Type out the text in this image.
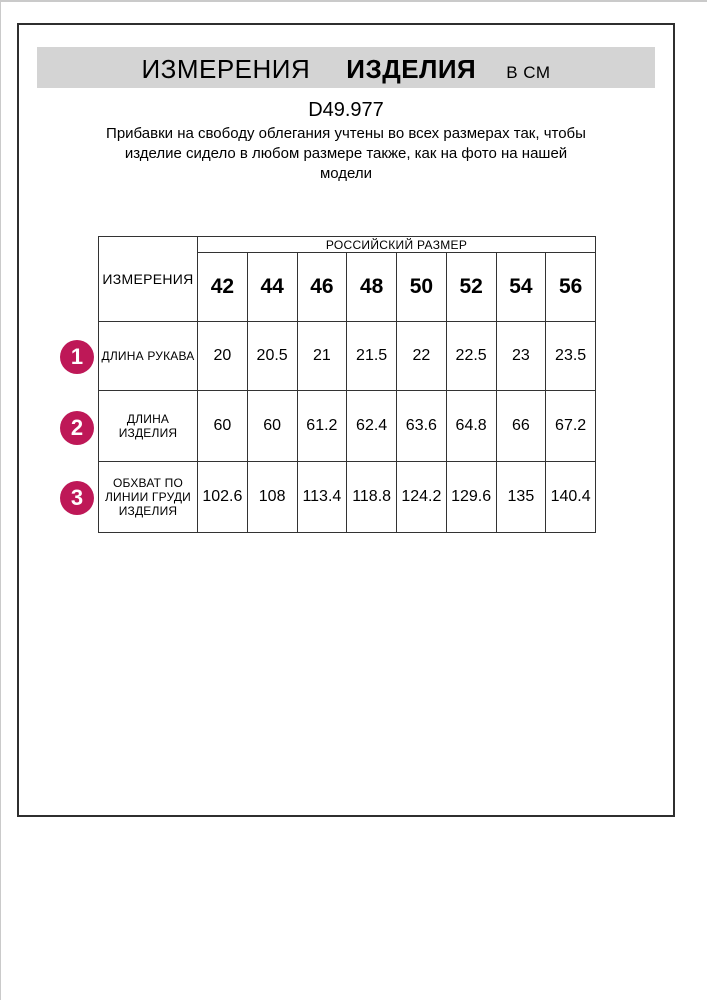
ИЗМЕРЕНИЯ ИЗДЕЛИЯ В СМ
D49.977
Прибавки на свободу облегания учтены во всех размерах так, чтобы
изделие сидело в любом размере также, как на фото на нашей
модели
ИЗМЕРЕНИЯ	РОССИЙСКИЙ РАЗМЕР							
	42	44	46	48	50	52	54	56

ДЛИНА РУКАВА	20	20.5	21	21.5	22	22.5	23	23.5

ДЛИНА
ИЗДЕЛИЯ	60	60	61.2	62.4	63.6	64.8	66	67.2

ОБХВАТ ПО
ЛИНИИ ГРУДИ
ИЗДЕЛИЯ	102.6	108	113.4	118.8	124.2	129.6	135	140.4
1
2
3
